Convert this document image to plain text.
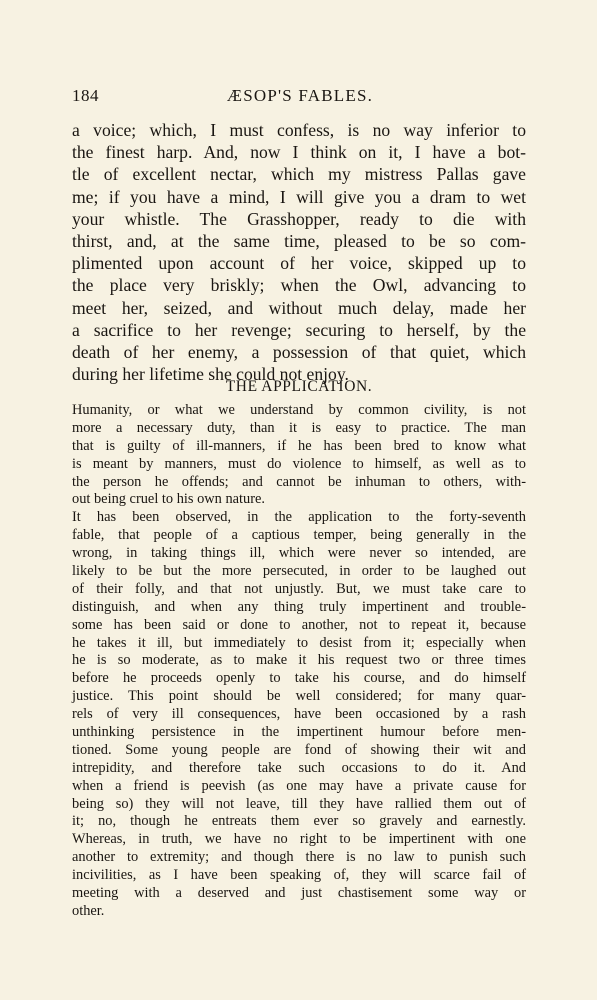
184	ÆSOP'S FABLES.
a voice; which, I must confess, is no way inferior to
the finest harp. And, now I think on it, I have a bot-
tle of excellent nectar, which my mistress Pallas gave
me; if you have a mind, I will give you a dram to wet
your whistle. The Grasshopper, ready to die with
thirst, and, at the same time, pleased to be so com-
plimented upon account of her voice, skipped up to
the place very briskly; when the Owl, advancing to
meet her, seized, and without much delay, made her
a sacrifice to her revenge; securing to herself, by the
death of her enemy, a possession of that quiet, which
during her lifetime she could not enjoy.
THE APPLICATION.
Humanity, or what we understand by common civility, is not
more a necessary duty, than it is easy to practice. The man
that is guilty of ill-manners, if he has been bred to know what
is meant by manners, must do violence to himself, as well as to
the person he offends; and cannot be inhuman to others, with-
out being cruel to his own nature.
It has been observed, in the application to the forty-seventh
fable, that people of a captious temper, being generally in the
wrong, in taking things ill, which were never so intended, are
likely to be but the more persecuted, in order to be laughed out
of their folly, and that not unjustly. But, we must take care to
distinguish, and when any thing truly impertinent and trouble-
some has been said or done to another, not to repeat it, because
he takes it ill, but immediately to desist from it; especially when
he is so moderate, as to make it his request two or three times
before he proceeds openly to take his course, and do himself
justice. This point should be well considered; for many quar-
rels of very ill consequences, have been occasioned by a rash
unthinking persistence in the impertinent humour before men-
tioned. Some young people are fond of showing their wit and
intrepidity, and therefore take such occasions to do it. And
when a friend is peevish (as one may have a private cause for
being so) they will not leave, till they have rallied them out of
it; no, though he entreats them ever so gravely and earnestly.
Whereas, in truth, we have no right to be impertinent with one
another to extremity; and though there is no law to punish such
incivilities, as I have been speaking of, they will scarce fail of
meeting with a deserved and just chastisement some way or
other.
